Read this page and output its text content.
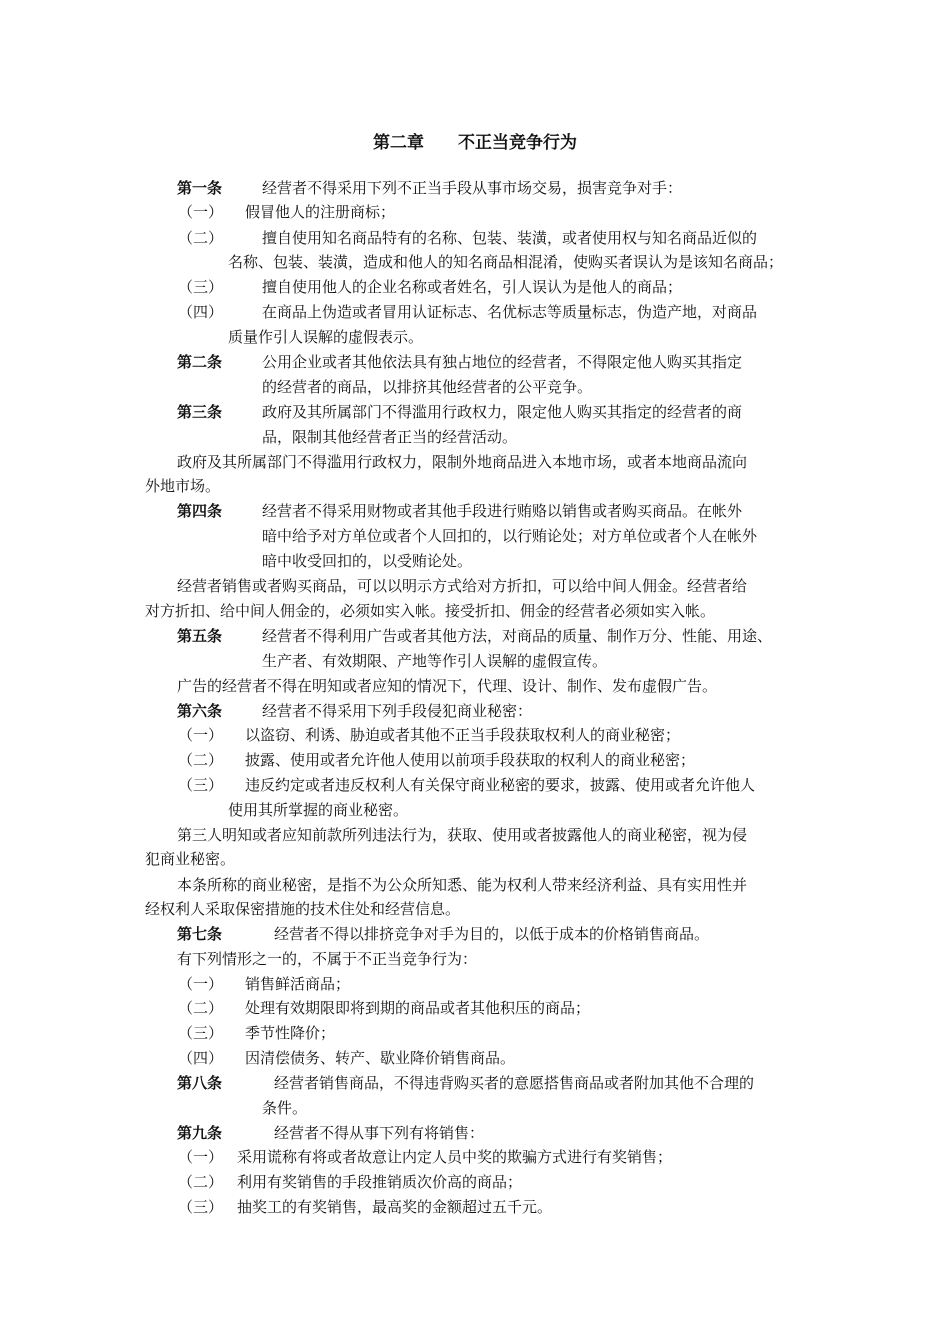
第二章 不正当竞争行为
第一条	经营者不得采用下列不正当手段从事市场交易，损害竞争对手：
（一） 假冒他人的注册商标；
（二）	擅自使用知名商品特有的名称、包装、装潢，或者使用权与知名商品近似的
名称、包装、装潢，造成和他人的知名商品相混淆，使购买者误认为是该知名商品；
（三）	擅自使用他人的企业名称或者姓名，引人误认为是他人的商品；
（四）	在商品上伪造或者冒用认证标志、名优标志等质量标志，伪造产地，对商品
质量作引人误解的虚假表示。
第二条	公用企业或者其他依法具有独占地位的经营者，不得限定他人购买其指定
的经营者的商品，以排挤其他经营者的公平竞争。
第三条	政府及其所属部门不得滥用行政权力，限定他人购买其指定的经营者的商
品，限制其他经营者正当的经营活动。
政府及其所属部门不得滥用行政权力，限制外地商品进入本地市场，或者本地商品流向
外地市场。
第四条	经营者不得采用财物或者其他手段进行贿赂以销售或者购买商品。在帐外
暗中给予对方单位或者个人回扣的，以行贿论处；对方单位或者个人在帐外
暗中收受回扣的，以受贿论处。
经营者销售或者购买商品，可以以明示方式给对方折扣，可以给中间人佣金。经营者给
对方折扣、给中间人佣金的，必须如实入帐。接受折扣、佣金的经营者必须如实入帐。
第五条	经营者不得利用广告或者其他方法，对商品的质量、制作万分、性能、用途、
生产者、有效期限、产地等作引人误解的虚假宣传。
广告的经营者不得在明知或者应知的情况下，代理、设计、制作、发布虚假广告。
第六条	经营者不得采用下列手段侵犯商业秘密：
（一） 以盗窃、利诱、胁迫或者其他不正当手段获取权利人的商业秘密；
（二） 披露、使用或者允许他人使用以前项手段获取的权利人的商业秘密；
（三） 违反约定或者违反权利人有关保守商业秘密的要求，披露、使用或者允许他人
使用其所掌握的商业秘密。
第三人明知或者应知前款所列违法行为，获取、使用或者披露他人的商业秘密，视为侵
犯商业秘密。
本条所称的商业秘密，是指不为公众所知悉、能为权利人带来经济利益、具有实用性并
经权利人采取保密措施的技术住处和经营信息。
第七条	经营者不得以排挤竞争对手为目的，以低于成本的价格销售商品。
有下列情形之一的，不属于不正当竞争行为：
（一） 销售鲜活商品；
（二） 处理有效期限即将到期的商品或者其他积压的商品；
（三） 季节性降价；
（四） 因清偿债务、转产、歇业降价销售商品。
第八条	经营者销售商品，不得违背购买者的意愿搭售商品或者附加其他不合理的
条件。
第九条	经营者不得从事下列有将销售：
（一） 采用谎称有将或者故意让内定人员中奖的欺骗方式进行有奖销售；
（二） 利用有奖销售的手段推销质次价高的商品；
（三） 抽奖工的有奖销售，最高奖的金额超过五千元。
